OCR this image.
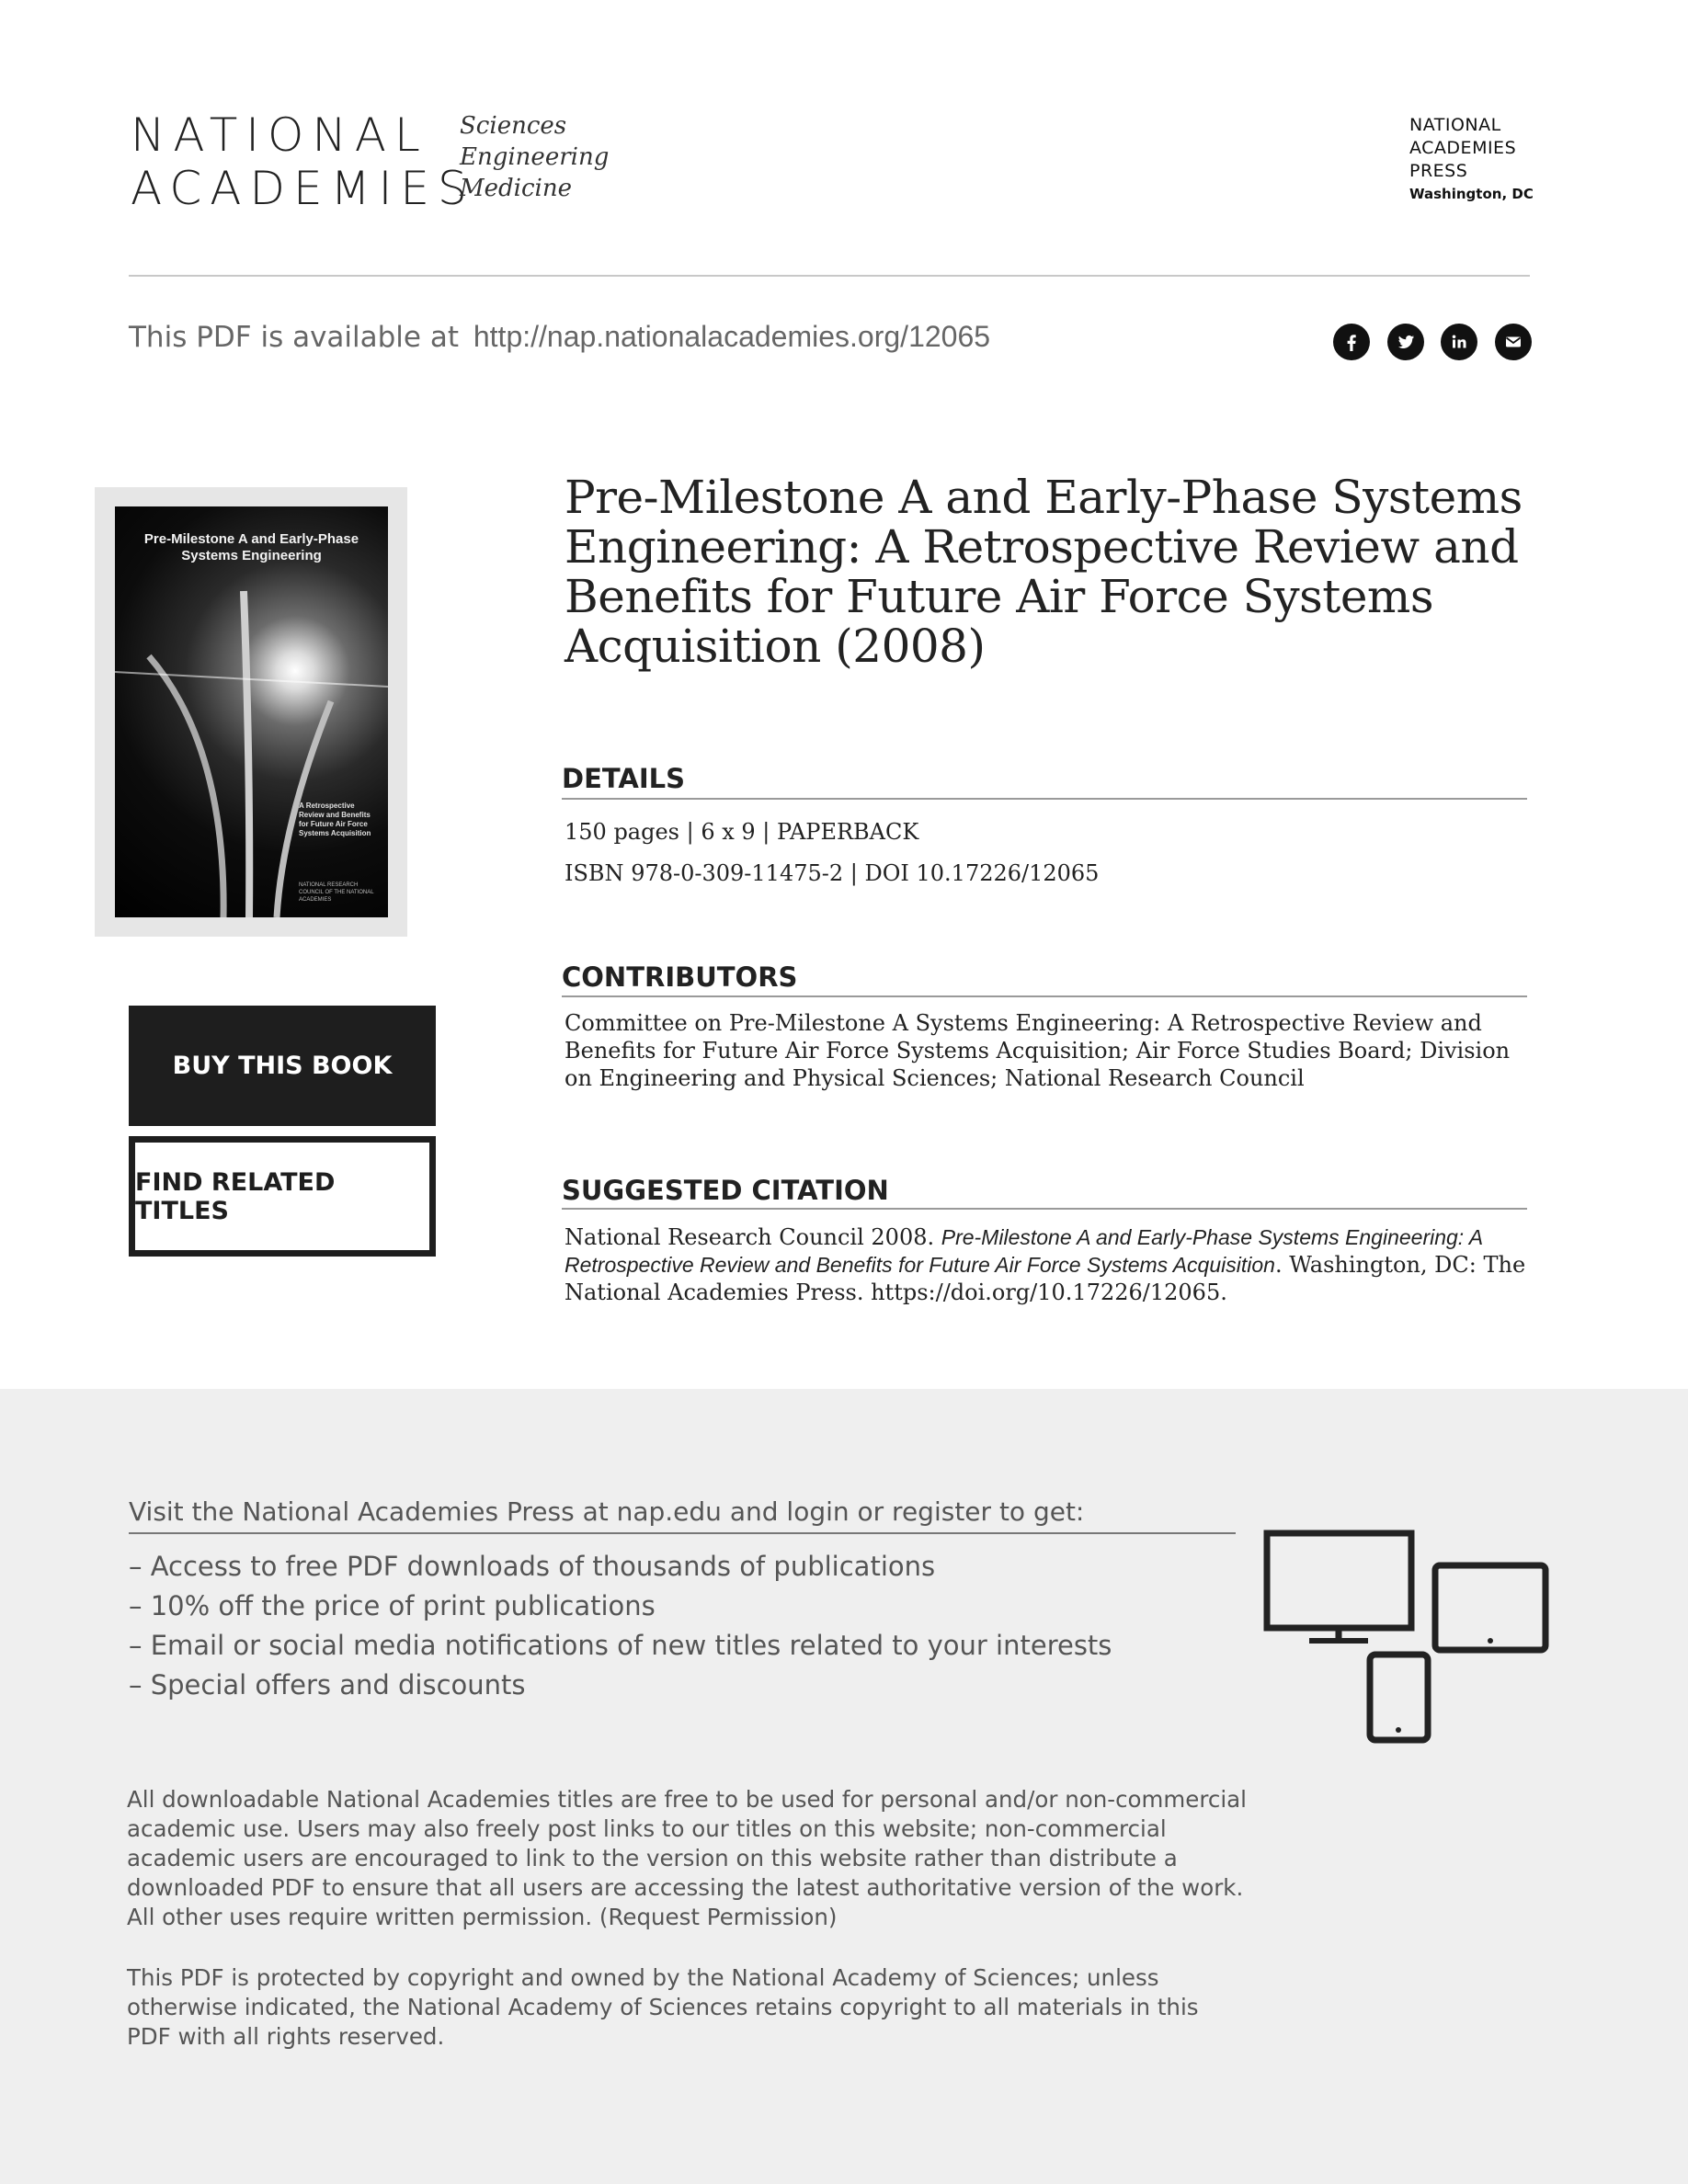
NATIONAL
ACADEMIES
Sciences
Engineering
Medicine
NATIONAL
ACADEMIES
PRESS
Washington, DC
This PDF is available at http://nap.nationalacademies.org/12065
Pre-Milestone A and Early-Phase Systems Engineering
A Retrospective Review and Benefits for Future Air Force Systems Acquisition
NATIONAL RESEARCH COUNCIL OF THE NATIONAL ACADEMIES
BUY THIS BOOK
FIND RELATED TITLES
Pre-Milestone A and Early-Phase Systems Engineering: A Retrospective Review and Benefits for Future Air Force Systems Acquisition (2008)
DETAILS
150 pages | 6 x 9 | PAPERBACK
ISBN 978-0-309-11475-2 | DOI 10.17226/12065
CONTRIBUTORS
Committee on Pre-Milestone A Systems Engineering: A Retrospective Review and Benefits for Future Air Force Systems Acquisition; Air Force Studies Board; Division on Engineering and Physical Sciences; National Research Council
SUGGESTED CITATION
National Research Council 2008. Pre-Milestone A and Early-Phase Systems Engineering: A Retrospective Review and Benefits for Future Air Force Systems Acquisition. Washington, DC: The National Academies Press. https://doi.org/10.17226/12065.
Visit the National Academies Press at nap.edu and login or register to get:
– Access to free PDF downloads of thousands of publications
– 10% off the price of print publications
– Email or social media notifications of new titles related to your interests
– Special offers and discounts
All downloadable National Academies titles are free to be used for personal and/or non-commercial academic use. Users may also freely post links to our titles on this website; non-commercial academic users are encouraged to link to the version on this website rather than distribute a downloaded PDF to ensure that all users are accessing the latest authoritative version of the work. All other uses require written permission. (Request Permission)
This PDF is protected by copyright and owned by the National Academy of Sciences; unless otherwise indicated, the National Academy of Sciences retains copyright to all materials in this PDF with all rights reserved.
